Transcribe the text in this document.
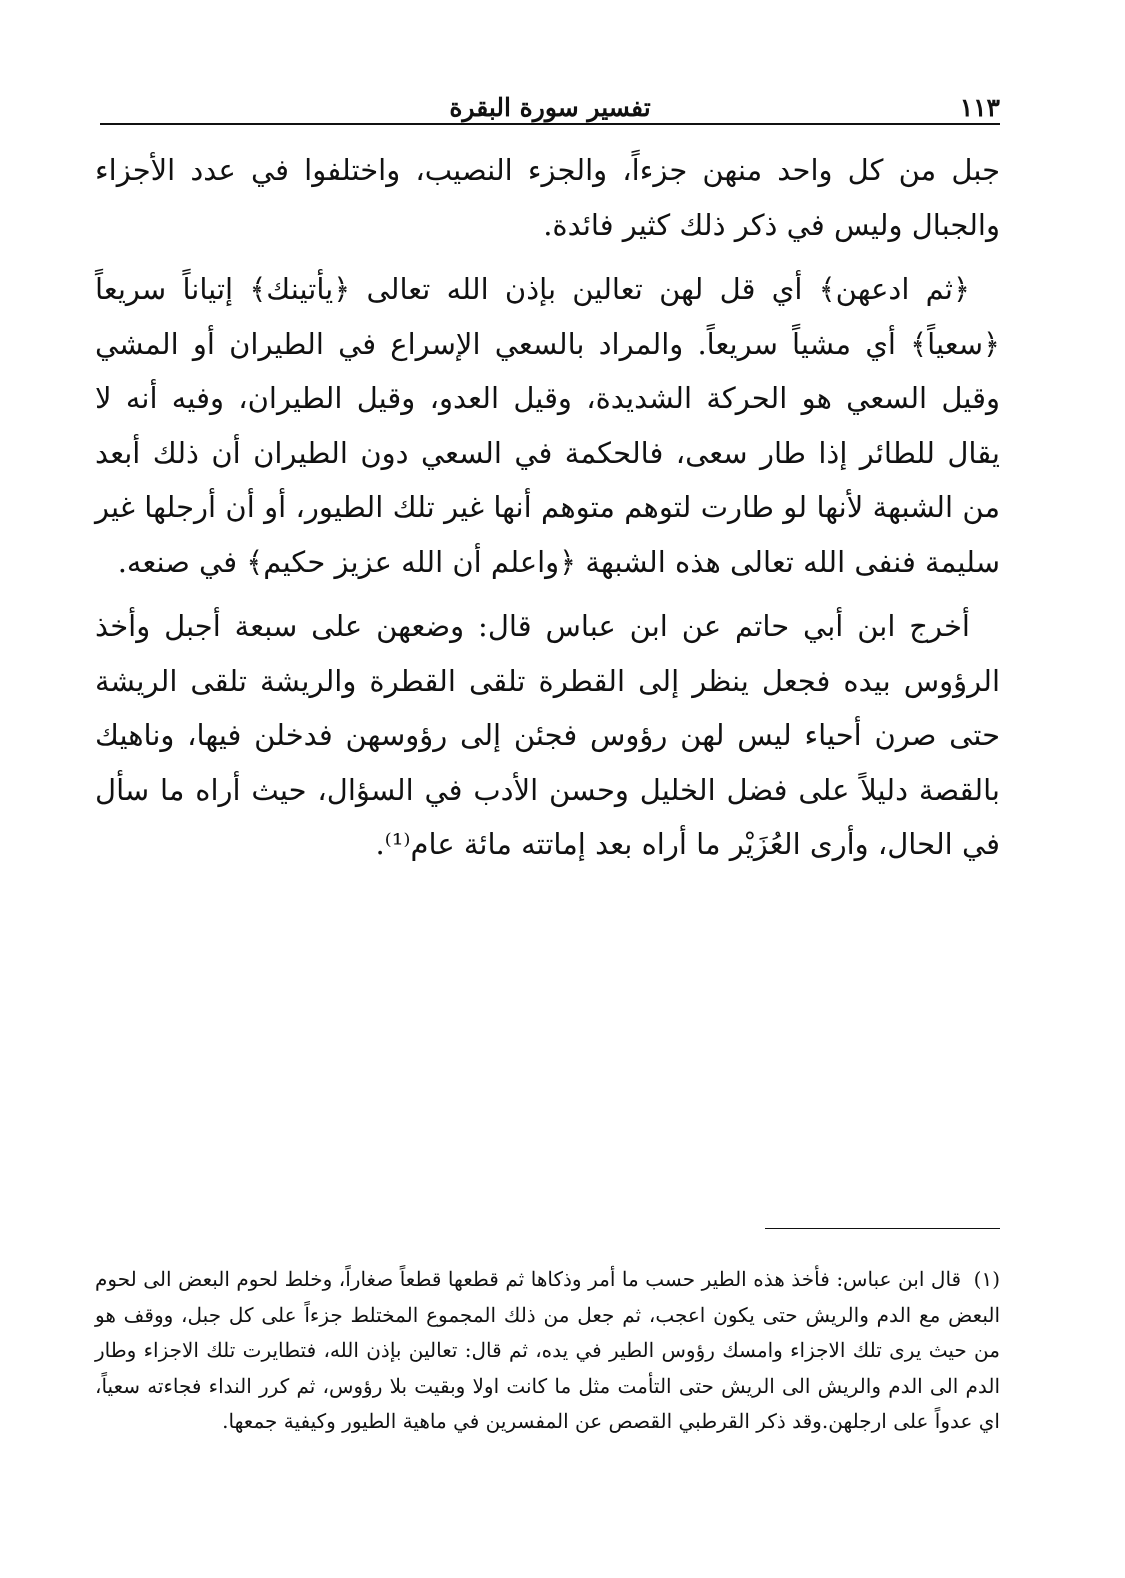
تفسير سورة البقرة	١١٣

جبل من كل واحد منهن جزءاً، والجزء النصيب، واختلفوا في عدد الأجزاء والجبال وليس في ذكر ذلك كثير فائدة.

﴿ثم ادعهن﴾ أي قل لهن تعالين بإذن الله تعالى ﴿يأتينك﴾ إتياناً سريعاً ﴿سعياً﴾ أي مشياً سريعاً. والمراد بالسعي الإسراع في الطيران أو المشي وقيل السعي هو الحركة الشديدة، وقيل العدو، وقيل الطيران، وفيه أنه لا يقال للطائر إذا طار سعى، فالحكمة في السعي دون الطيران أن ذلك أبعد من الشبهة لأنها لو طارت لتوهم متوهم أنها غير تلك الطيور، أو أن أرجلها غير سليمة فنفى الله تعالى هذه الشبهة ﴿واعلم أن الله عزيز حكيم﴾ في صنعه.

أخرج ابن أبي حاتم عن ابن عباس قال: وضعهن على سبعة أجبل وأخذ الرؤوس بيده فجعل ينظر إلى القطرة تلقى القطرة والريشة تلقى الريشة حتى صرن أحياء ليس لهن رؤوس فجئن إلى رؤوسهن فدخلن فيها، وناهيك بالقصة دليلاً على فضل الخليل وحسن الأدب في السؤال، حيث أراه ما سأل في الحال، وأرى العُزَيْر ما أراه بعد إماتته مائة عام⁽¹⁾.

(١) قال ابن عباس: فأخذ هذه الطير حسب ما أمر وذكاها ثم قطعها قطعاً صغاراً، وخلط لحوم البعض الى لحوم البعض مع الدم والريش حتى يكون اعجب، ثم جعل من ذلك المجموع المختلط جزءاً على كل جبل، ووقف هو من حيث يرى تلك الاجزاء وامسك رؤوس الطير في يده، ثم قال: تعالين بإذن الله، فتطايرت تلك الاجزاء وطار الدم الى الدم والريش الى الريش حتى التأمت مثل ما كانت اولا وبقيت بلا رؤوس، ثم كرر النداء فجاءته سعياً، اي عدواً على ارجلهن.وقد ذكر القرطبي القصص عن المفسرين في ماهية الطيور وكيفية جمعها.
